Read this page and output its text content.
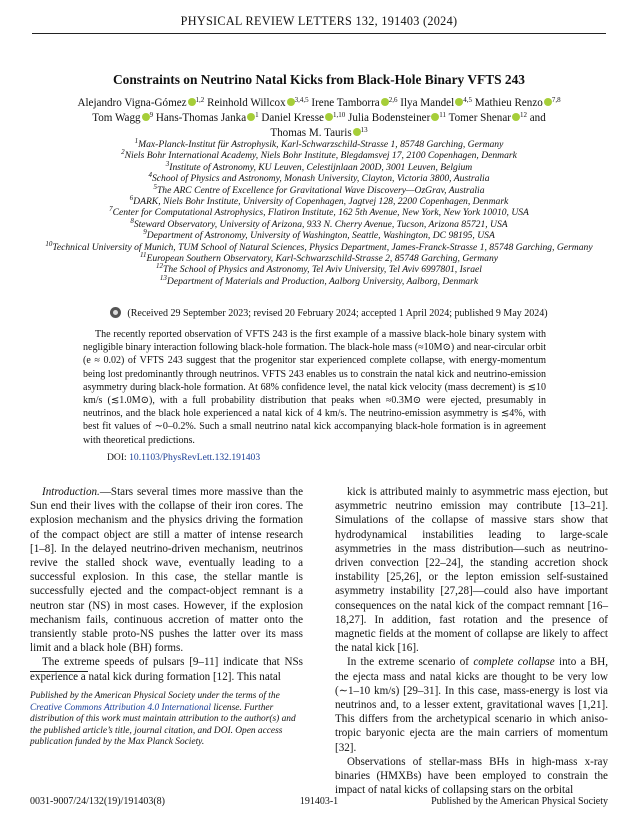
PHYSICAL REVIEW LETTERS 132, 191403 (2024)
Constraints on Neutrino Natal Kicks from Black-Hole Binary VFTS 243
Alejandro Vigna-Gómez $^{1,2}$ Reinhold Willcox $^{3,4,5}$ Irene Tamborra $^{2,6}$ Ilya Mandel $^{4,5}$ Mathieu Renzo $^{7,8}$ Tom Wagg $^9$ Hans-Thomas Janka $^1$ Daniel Kresse $^{1,10}$ Julia Bodensteiner $^{11}$ Tomer Shenar $^{12}$ and Thomas M. Tauris $^{13}$
$^1$Max-Planck-Institut für Astrophysik, Karl-Schwarzschild-Strasse 1, 85748 Garching, Germany
$^2$Niels Bohr International Academy, Niels Bohr Institute, Blegdamsvej 17, 2100 Copenhagen, Denmark
$^3$Institute of Astronomy, KU Leuven, Celestijnlaan 200D, 3001 Leuven, Belgium
$^4$School of Physics and Astronomy, Monash University, Clayton, Victoria 3800, Australia
$^5$The ARC Centre of Excellence for Gravitational Wave Discovery—OzGrav, Australia
$^6$DARK, Niels Bohr Institute, University of Copenhagen, Jagtvej 128, 2200 Copenhagen, Denmark
$^7$Center for Computational Astrophysics, Flatiron Institute, 162 5th Avenue, New York, New York 10010, USA
$^8$Steward Observatory, University of Arizona, 933 N. Cherry Avenue, Tucson, Arizona 85721, USA
$^9$Department of Astronomy, University of Washington, Seattle, Washington, DC 98195, USA
$^{10}$Technical University of Munich, TUM School of Natural Sciences, Physics Department, James-Franck-Strasse 1, 85748 Garching, Germany
$^{11}$European Southern Observatory, Karl-Schwarzschild-Strasse 2, 85748 Garching, Germany
$^{12}$The School of Physics and Astronomy, Tel Aviv University, Tel Aviv 6997801, Israel
$^{13}$Department of Materials and Production, Aalborg University, Aalborg, Denmark
(Received 29 September 2023; revised 20 February 2024; accepted 1 April 2024; published 9 May 2024)
The recently reported observation of VFTS 243 is the first example of a massive black-hole binary system with negligible binary interaction following black-hole formation. The black-hole mass (≈10M⊙) and near-circular orbit (e ≈ 0.02) of VFTS 243 suggest that the progenitor star experienced complete collapse, with energy-momentum being lost predominantly through neutrinos. VFTS 243 enables us to constrain the natal kick and neutrino-emission asymmetry during black-hole formation. At 68% confidence level, the natal kick velocity (mass decrement) is ≲10 km/s (≲1.0M⊙), with a full probability distribution that peaks when ≈0.3M⊙ were ejected, presumably in neutrinos, and the black hole experienced a natal kick of 4 km/s. The neutrino-emission asymmetry is ≲4%, with best fit values of ∼0–0.2%. Such a small neutrino natal kick accompanying black-hole formation is in agreement with theoretical predictions.
DOI: 10.1103/PhysRevLett.132.191403

Introduction.—Stars several times more massive than the Sun end their lives with the collapse of their iron cores. The explosion mechanism and the physics driving the formation of the compact object are still a matter of intense research [1–8]. In the delayed neutrino-driven mechanism, neutrinos revive the stalled shock wave, eventually leading to a successful explosion. In this case, the stellar mantle is successfully ejected and the compact-object remnant is a neutron star (NS) in most cases. However, if the explosion mechanism fails, continuous accretion of matter onto the transiently stable proto-NS pushes the latter over its mass limit and a black hole (BH) forms.

The extreme speeds of pulsars [9–11] indicate that NSs experience a natal kick during formation [12]. This natal

Published by the American Physical Society under the terms of the Creative Commons Attribution 4.0 International license. Further distribution of this work must maintain attribution to the author(s) and the published article’s title, journal citation, and DOI. Open access publication funded by the Max Planck Society.

kick is attributed mainly to asymmetric mass ejection, but asymmetric neutrino emission may contribute [13–21]. Simulations of the collapse of massive stars show that hydrodynamical instabilities leading to large-scale asymmetries in the mass distribution—such as neutrino-driven convection [22–24], the standing accretion shock instability [25,26], or the lepton emission self-sustained asymmetry instability [27,28]—could also have important consequences on the natal kick of the compact remnant [16–18,27]. In addition, fast rotation and the presence of magnetic fields at the moment of collapse are likely to affect the natal kick [16].

In the extreme scenario of complete collapse into a BH, the ejecta mass and natal kicks are thought to be very low (∼1–10 km/s) [29–31]. In this case, mass-energy is lost via neutrinos and, to a lesser extent, gravitational waves [1,21]. This differs from the archetypical scenario in which aniso-tropic baryonic ejecta are the main carriers of momentum [32].

Observations of stellar-mass BHs in high-mass x-ray binaries (HMXBs) have been employed to constrain the impact of natal kicks of collapsing stars on the orbital

0031-9007/24/132(19)/191403(8)	191403-1	Published by the American Physical Society
